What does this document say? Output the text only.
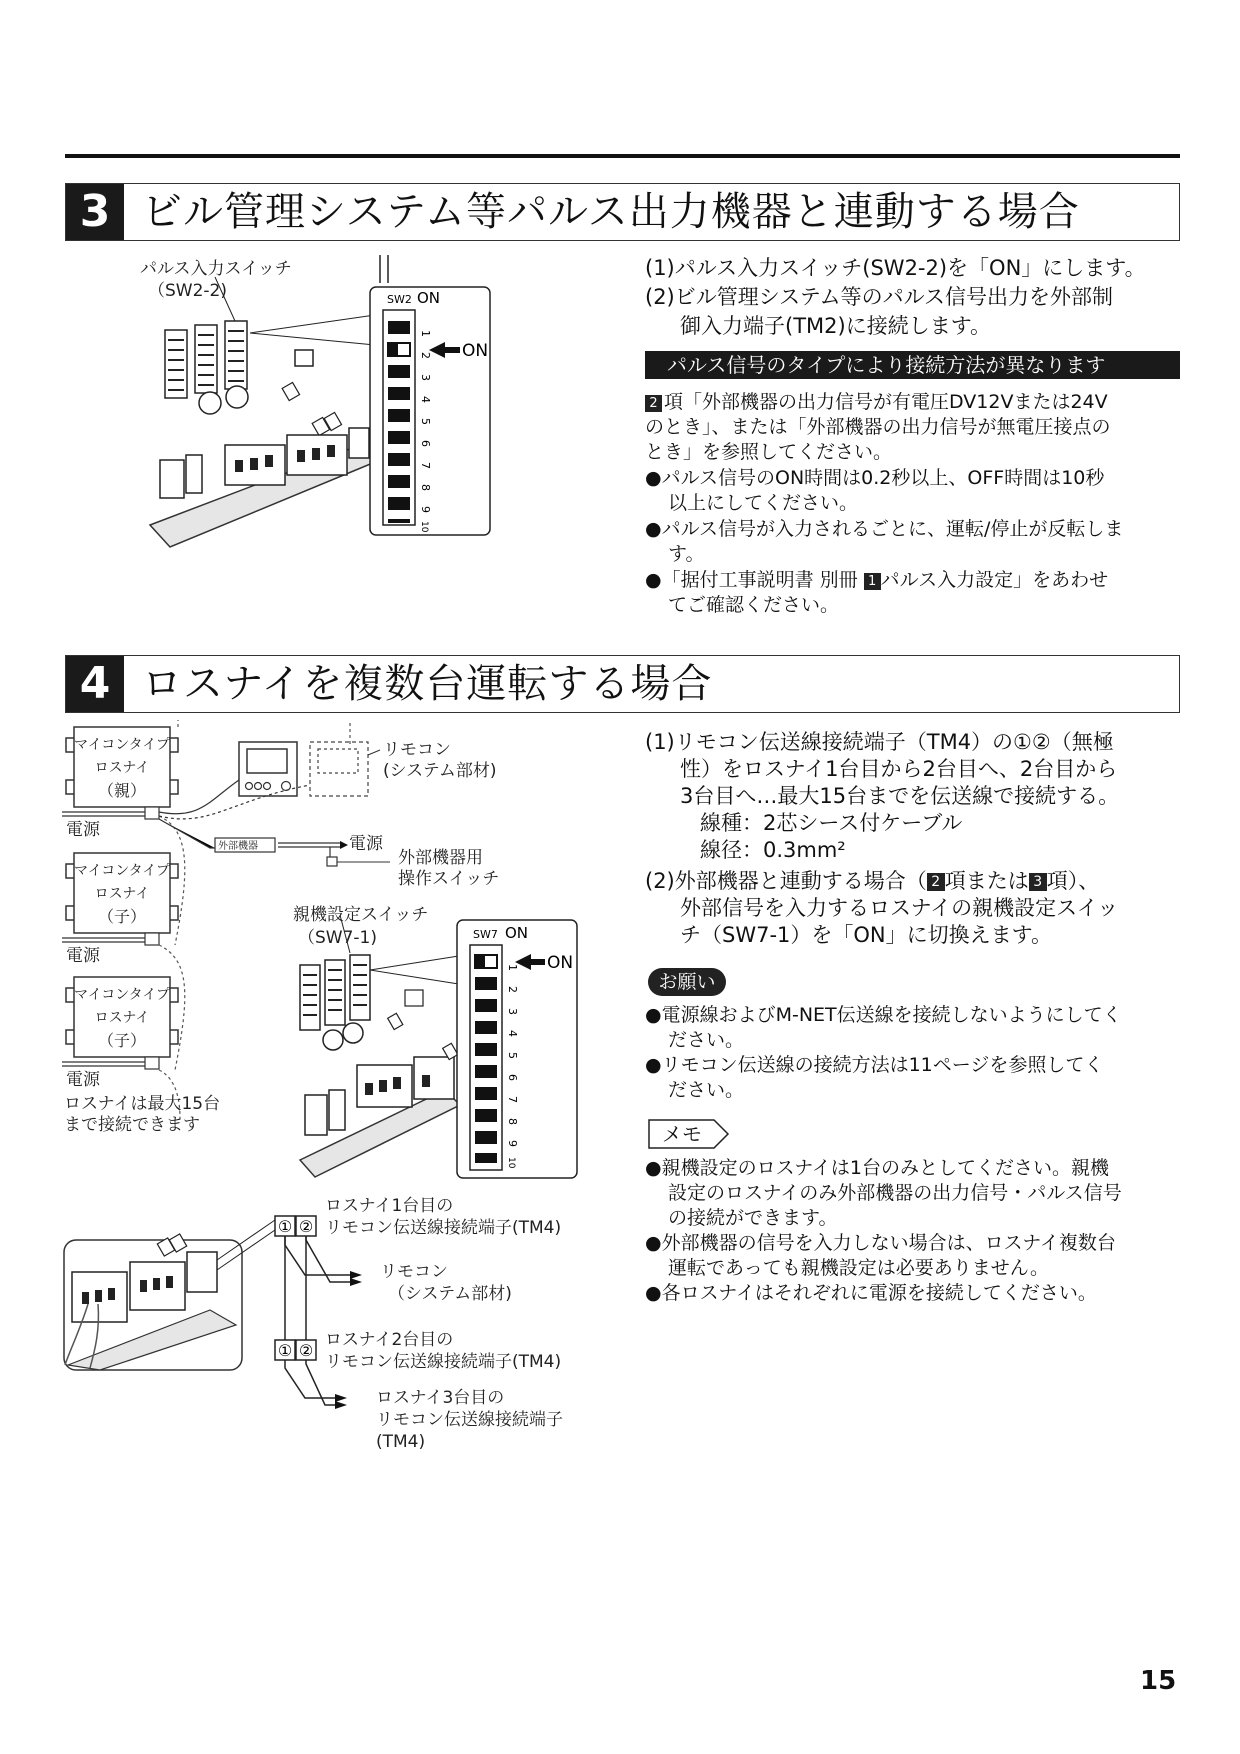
3 ビル管理システム等パルス出力機器と連動する場合
SW2 ON
1
2
3
4
5
6
7
8
9
10
ON
パルス入力スイッチ
（SW2-2)
(1)パルス入力スイッチ(SW2-2)を「ON」にします。
(2)ビル管理システム等のパルス信号出力を外部制
御入力端子(TM2)に接続します。
パルス信号のタイプにより接続方法が異なります
2 項「外部機器の出力信号が有電圧DV12Vまたは24V
のとき」、または「外部機器の出力信号が無電圧接点の
とき」を参照してください。
●パルス信号のON時間は0.2秒以上、OFF時間は10秒
以上にしてください。
●パルス信号が入力されるごとに、運転/停止が反転しま
す。
●「据付工事説明書 別冊 1 パルス入力設定」をあわせ
てご確認ください。
4 ロスナイを複数台運転する場合
マイコンタイプ
ロスナイ
（親）
マイコンタイプ
ロスナイ
（子）
マイコンタイプ
ロスナイ
（子）
外部機器
電源
電源
電源
リモコン
(システム部材)
電源
外部機器用
操作スイッチ
ロスナイは最大15台
まで接続できます
SW7 ON
1
2
3
4
5
6
7
8
9
10
ON
親機設定スイッチ
（SW7-1)
① ②
① ②
ロスナイ1台目の
リモコン伝送線接続端子(TM4)
リモコン
（システム部材)
ロスナイ2台目の
リモコン伝送線接続端子(TM4)
ロスナイ3台目の
リモコン伝送線接続端子
(TM4)
(1)リモコン伝送線接続端子（TM4）の①②（無極
性）をロスナイ1台目から2台目へ、2台目から
3台目へ…最大15台までを伝送線で接続する。
線種：2芯シース付ケーブル
線径：0.3mm²
(2)外部機器と連動する場合（ 2 項または 3 項）、
外部信号を入力するロスナイの親機設定スイッ
チ（SW7-1）を「ON」に切換えます。
お願い
●電源線およびM-NET伝送線を接続しないようにしてく
ださい。
●リモコン伝送線の接続方法は11ページを参照してく
ださい。
メモ
●親機設定のロスナイは1台のみとしてください。親機
設定のロスナイのみ外部機器の出力信号・パルス信号
の接続ができます。
●外部機器の信号を入力しない場合は、ロスナイ複数台
運転であっても親機設定は必要ありません。
●各ロスナイはそれぞれに電源を接続してください。
15
